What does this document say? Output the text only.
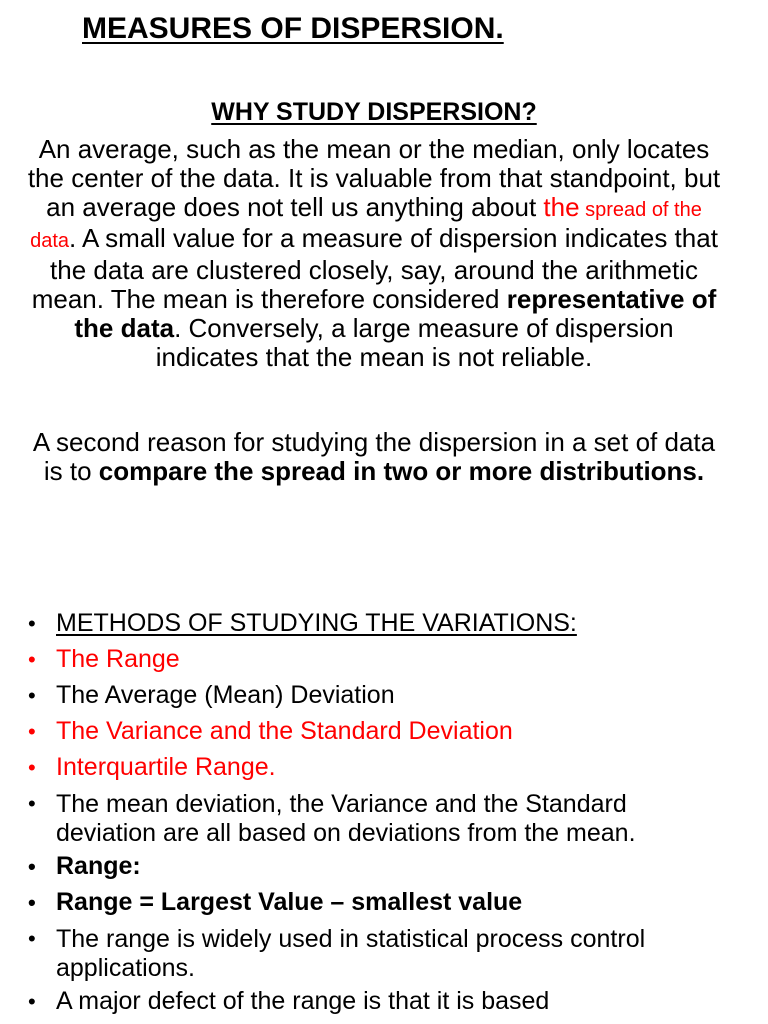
MEASURES OF DISPERSION.
WHY STUDY DISPERSION?

An average, such as the mean or the median, only locates the center of the data. It is valuable from that standpoint, but an average does not tell us anything about the spread of the data. A small value for a measure of dispersion indicates that the data are clustered closely, say, around the arithmetic mean. The mean is therefore considered representative of the data. Conversely, a large measure of dispersion indicates that the mean is not reliable.

A second reason for studying the dispersion in a set of data is to compare the spread in two or more distributions.

• METHODS OF STUDYING THE VARIATIONS:
• The Range
• The Average (Mean) Deviation
• The Variance and the Standard Deviation
• Interquartile Range.
• The mean deviation, the Variance and the Standard deviation are all based on deviations from the mean.
• Range:
• Range = Largest Value – smallest value
• The range is widely used in statistical process control applications.
• A major defect of the range is that it is based
